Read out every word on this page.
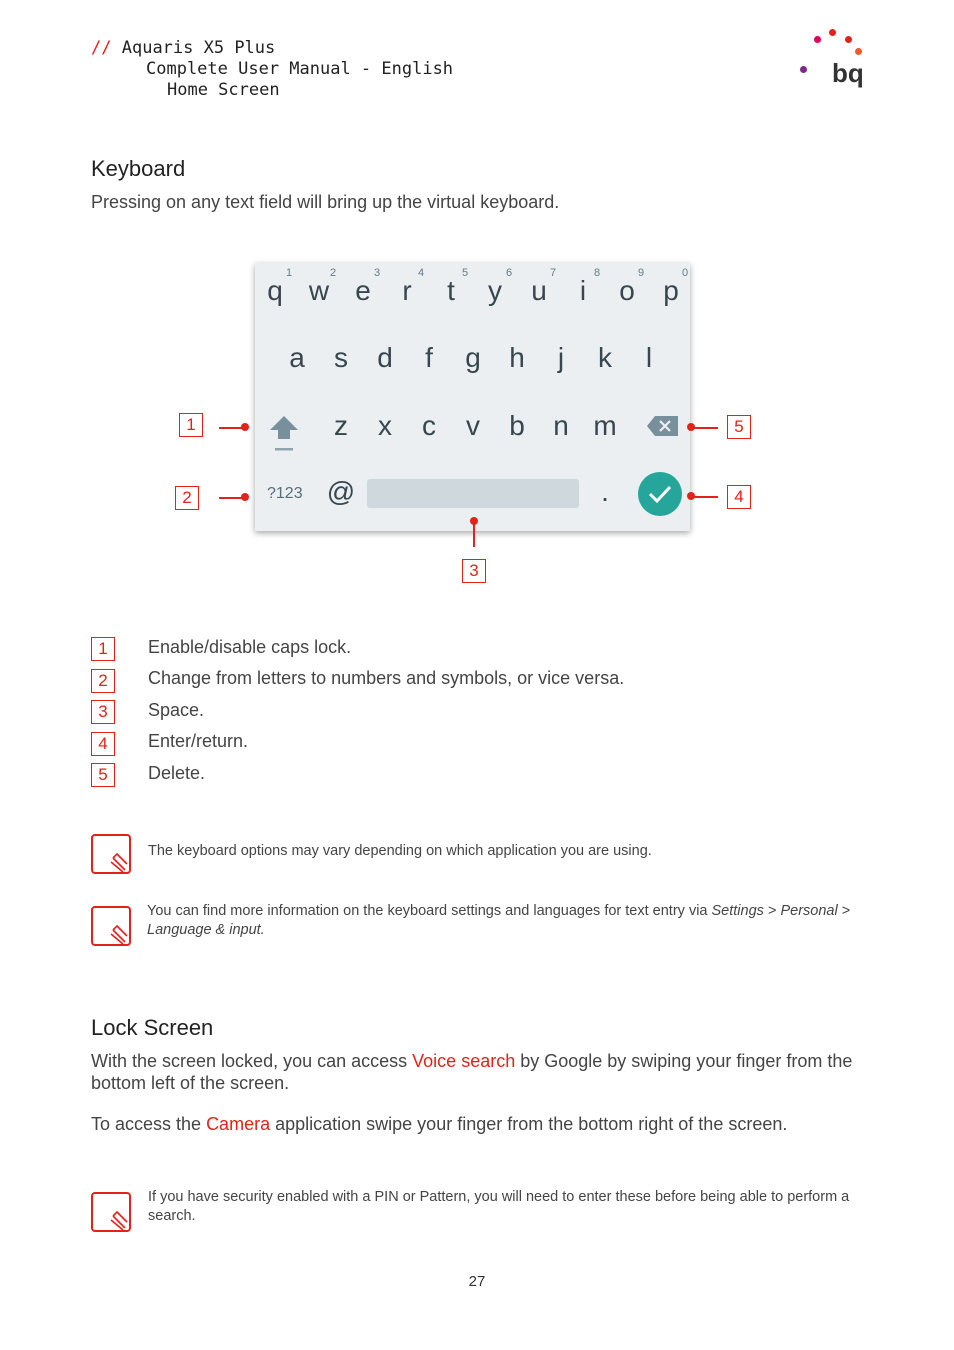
// Aquaris X5 Plus
Complete User Manual - English
Home Screen
bq
Keyboard
Pressing on any text field will bring up the virtual keyboard.
1	2	3	4	5	6	7	8	9	0
q w e	r	t	y	u	i	o	p
a	s	d	f	g	h	j	k	l
z	x	c	v	b	n m
?123 @	.
1
2
3
4
5
1	Enable/disable caps lock.
2	Change from letters to numbers and symbols, or vice versa.
3	Space.
4	Enter/return.
5	Delete.
The keyboard options may vary depending on which application you are using.
You can find more information on the keyboard settings and languages for text entry via Settings > Personal > Language & input.
Lock Screen
With the screen locked, you can access Voice search by Google by swiping your finger from the bottom left of the screen.
To access the Camera application swipe your finger from the bottom right of the screen.
If you have security enabled with a PIN or Pattern, you will need to enter these before being able to perform a search.
27
